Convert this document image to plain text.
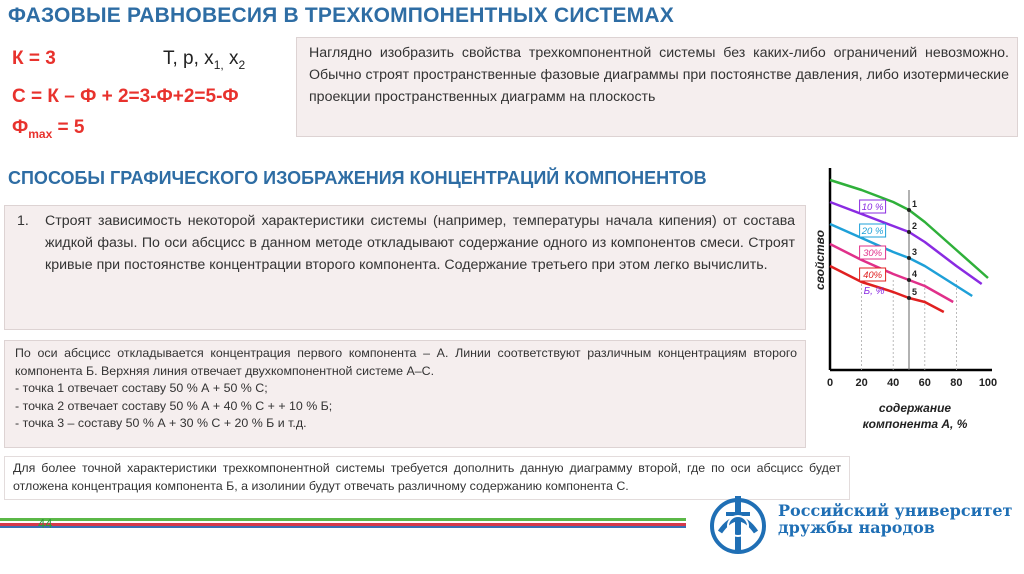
ФАЗОВЫЕ РАВНОВЕСИЯ В ТРЕХКОМПОНЕНТНЫХ СИСТЕМАХ
К = 3	T, p, $x_{1,}$ $x_2$
С = К – Ф + 2=3-Ф+2=5-Ф
$Ф_{max} = 5$
Наглядно изобразить свойства трехкомпонентной системы без каких-либо ограничений невозможно. Обычно строят пространственные фазовые диаграммы при постоянстве давления, либо изотермические проекции пространственных диаграмм на плоскость
СПОСОБЫ ГРАФИЧЕСКОГО ИЗОБРАЖЕНИЯ КОНЦЕНТРАЦИЙ КОМПОНЕНТОВ
1.	Строят зависимость некоторой характеристики системы (например, температуры начала кипения) от состава жидкой фазы. По оси абсцисс в данном методе откладывают содержание одного из компонентов смеси. Строят кривые при постоянстве концентрации второго компонента. Содержание третьего при этом легко вычислить.
По оси абсцисс откладывается концентрация первого компонента – А. Линии соответствуют различным концентрациям второго компонента Б. Верхняя линия отвечает двухкомпонентной системе А–С.
- точка 1 отвечает составу 50 % А + 50 % С;
- точка 2 отвечает составу 50 % А + 40 % С + + 10 % Б;
- точка 3 – составу 50 % А + 30 % С + 20 % Б и т.д.
Для более точной характеристики трехкомпонентной системы требуется дополнить данную диаграмму второй, где по оси абсцисс будет отложена концентрация компонента Б, а изолинии будут отвечать различному содержанию компонента С.
свойство
0 20 40 60 80 100
содержание
компонента А, %
10 %
20 %
30%
40%
Б, %
1
2
3
4
5
44
Российский университет
дружбы народов
